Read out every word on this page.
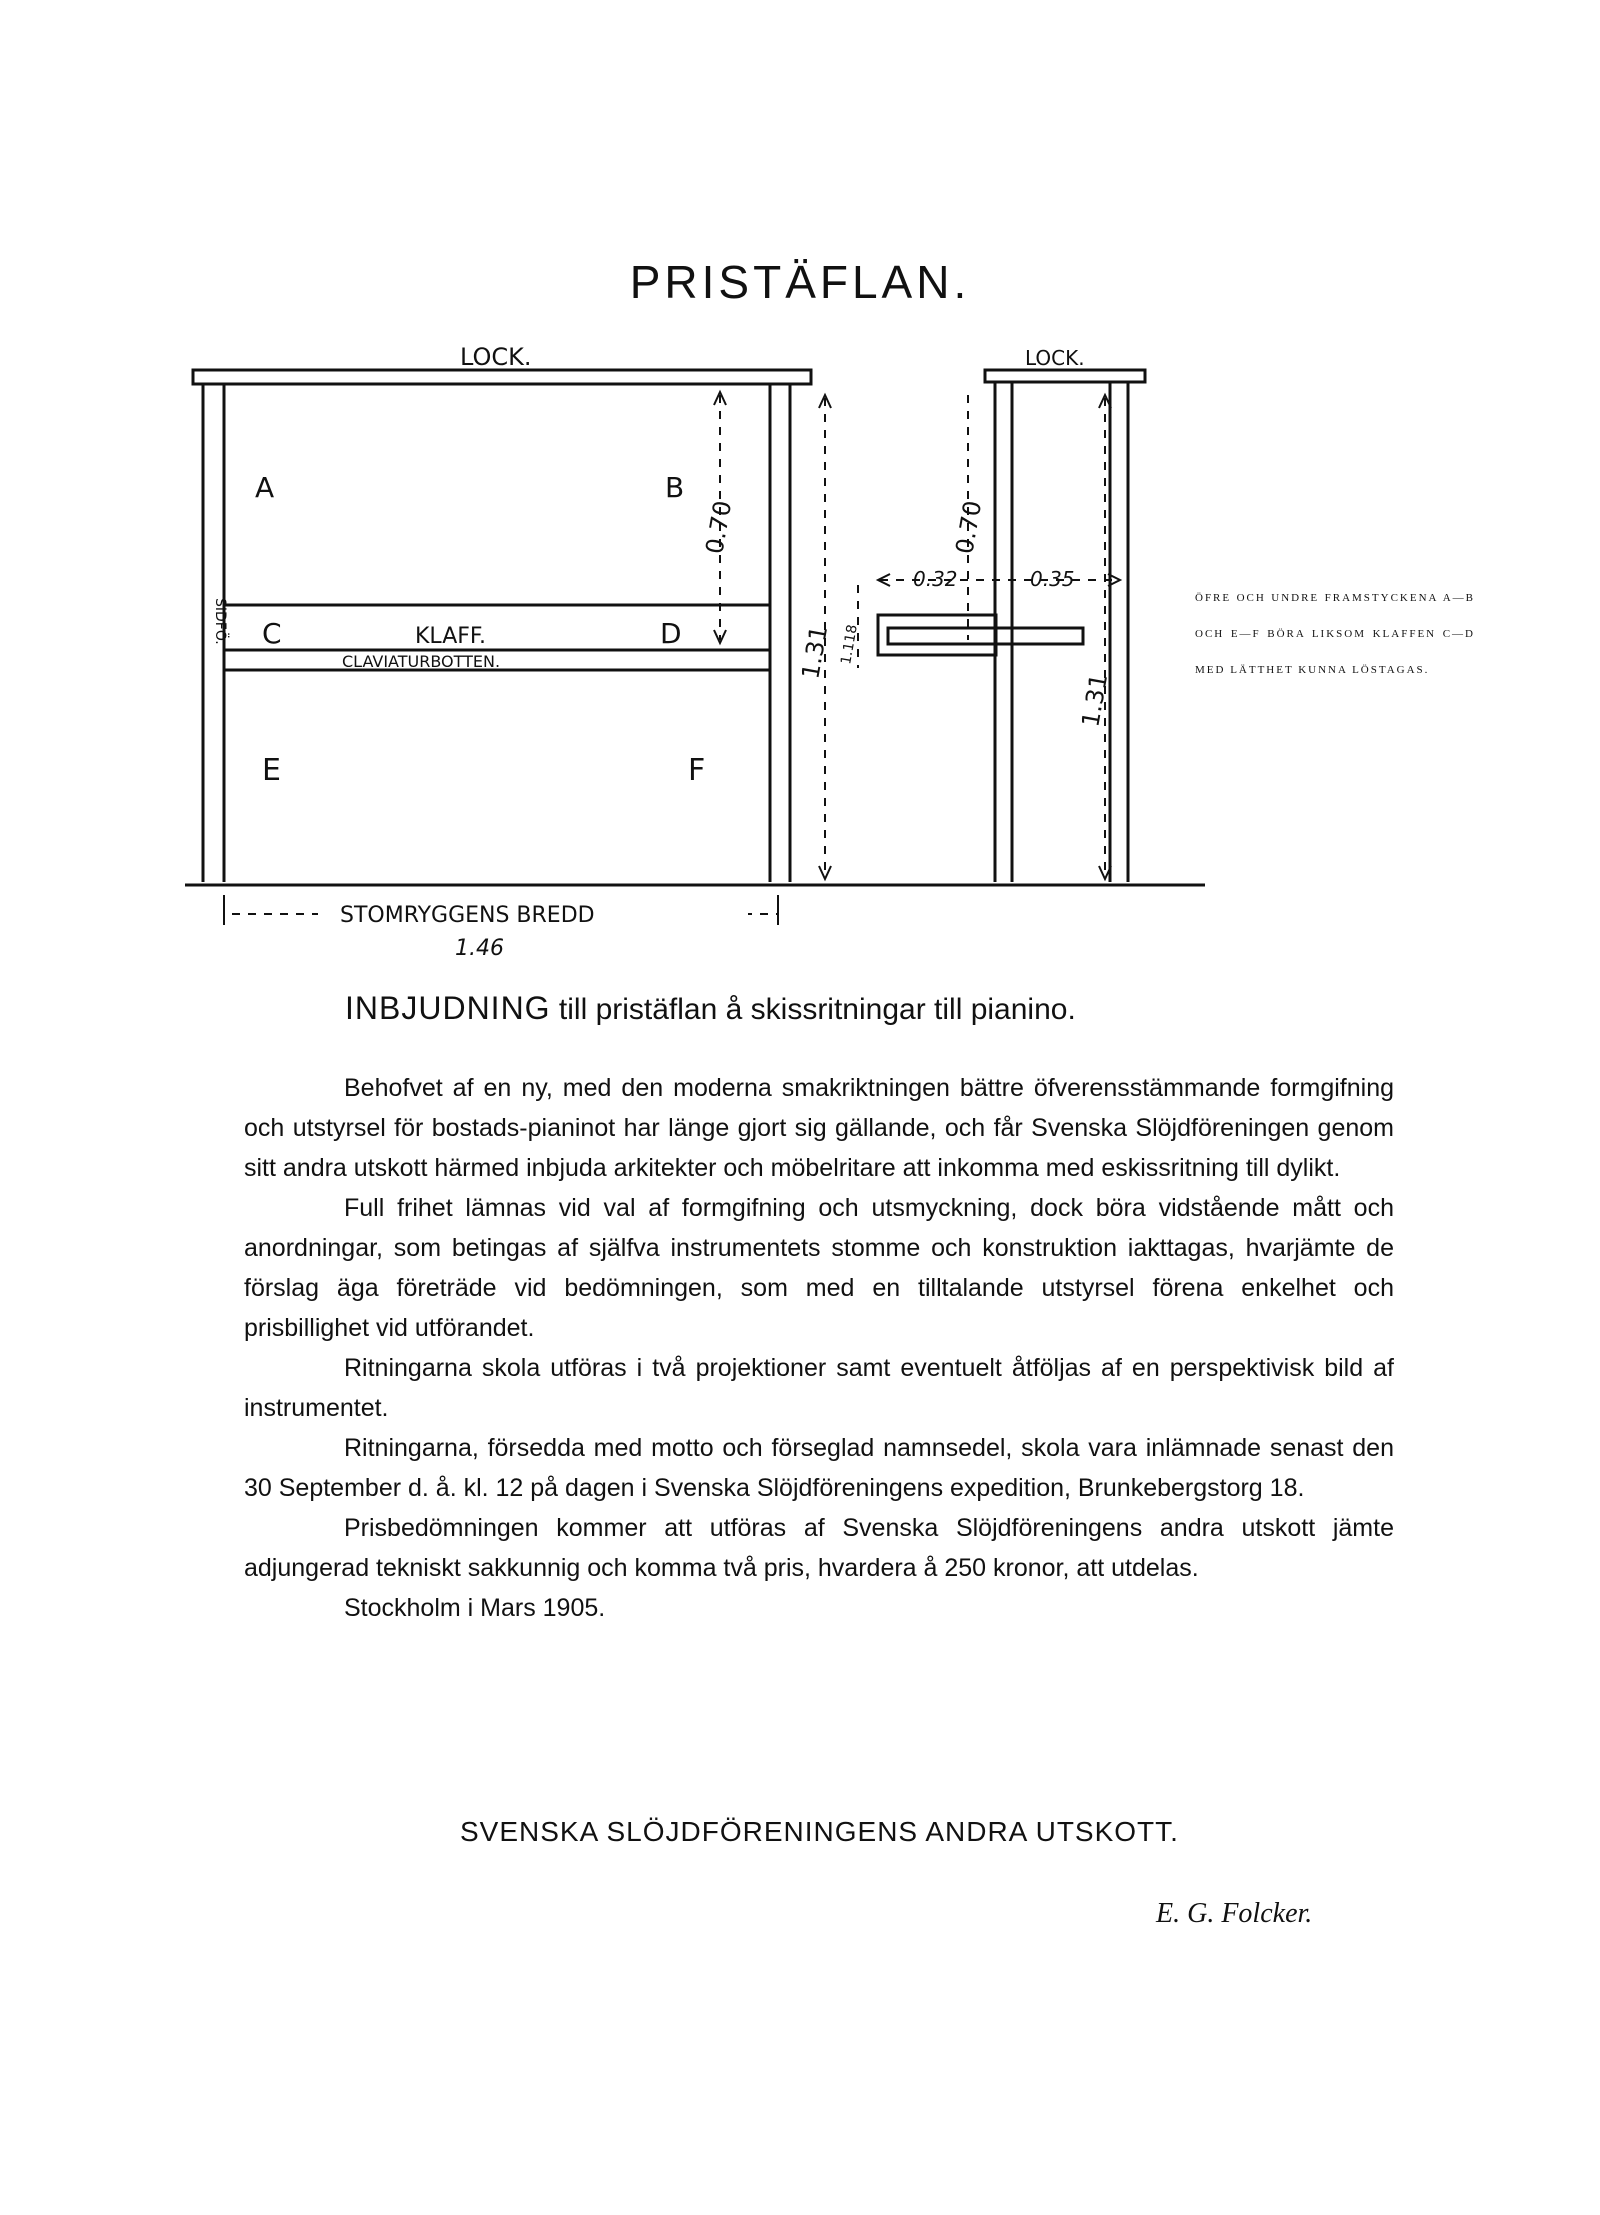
PRISTÄFLAN.
LOCK.	LOCK.
A	B
C	D
E	F
KLAFF.
CLAVIATURBOTTEN.
SIDFÖ.
0.70
1.31 1.118
0.70
1.31
0.32	0.35
STOMRYGGENS BREDD
1.46
ÖFRE OCH UNDRE FRAMSTYCKENA A—B OCH E—F BÖRA LIKSOM KLAFFEN C—D MED LÄTTHET KUNNA LÖSTAGAS.
INBJUDNING till pristäflan å skissritningar till pianino.

Behofvet af en ny, med den moderna smakriktningen bättre öfverensstämmande formgifning och utstyrsel för bostads-pianinot har länge gjort sig gällande, och får Svenska Slöjdföreningen genom sitt andra utskott härmed inbjuda arkitekter och möbelritare att inkomma med eskissritning till dylikt.

Full frihet lämnas vid val af formgifning och utsmyckning, dock böra vidstående mått och anordningar, som betingas af själfva instrumentets stomme och konstruktion iakttagas, hvarjämte de förslag äga företräde vid bedömningen, som med en tilltalande utstyrsel förena enkelhet och prisbillighet vid utförandet.

Ritningarna skola utföras i två projektioner samt eventuelt åtföljas af en perspektivisk bild af instrumentet.

Ritningarna, försedda med motto och förseglad namnsedel, skola vara inlämnade senast den 30 September d. å. kl. 12 på dagen i Svenska Slöjdföreningens expedition, Brunkebergstorg 18.

Prisbedömningen kommer att utföras af Svenska Slöjdföreningens andra utskott jämte adjungerad tekniskt sakkunnig och komma två pris, hvardera å 250 kronor, att utdelas.

Stockholm i Mars 1905.

SVENSKA SLÖJDFÖRENINGENS ANDRA UTSKOTT.
E. G. Folcker.
